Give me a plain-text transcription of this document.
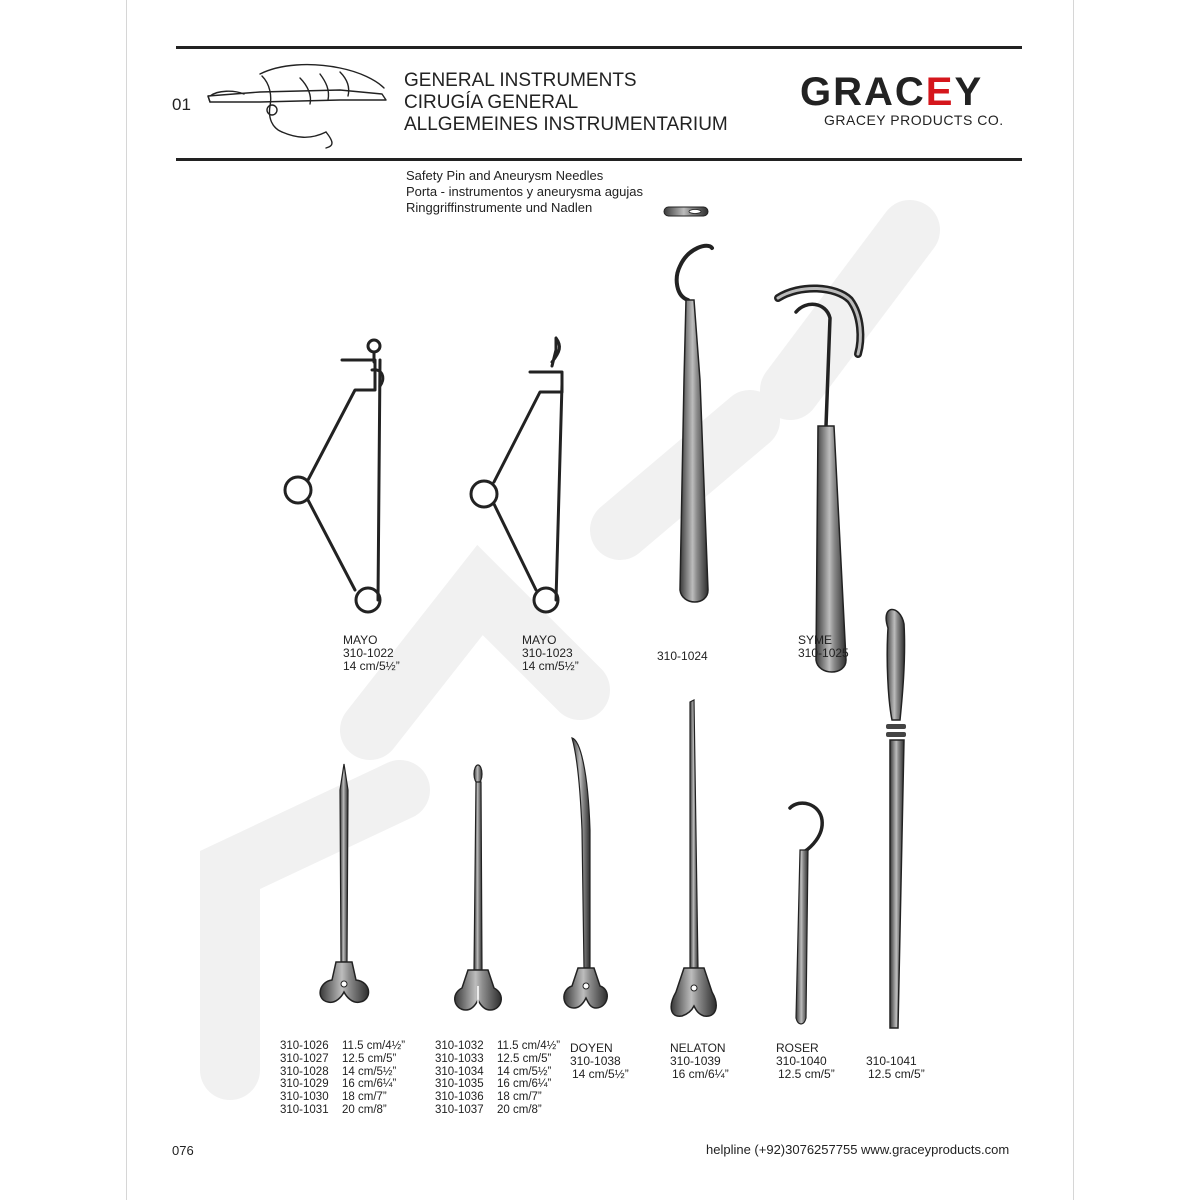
01
GENERAL INSTRUMENTS
CIRUGÍA GENERAL
ALLGEMEINES INSTRUMENTARIUM
GRACEY
GRACEY PRODUCTS CO.
Safety Pin and Aneurysm Needles
Porta - instrumentos y aneurysma agujas
Ringgriffinstrumente und Nadlen
MAYO
310-1022
14 cm/5½”
MAYO
310-1023
14 cm/5½”
310-1024
SYME
310-1025
310-1026	11.5 cm/4½”
310-1027	12.5 cm/5”
310-1028	14 cm/5½”
310-1029	16 cm/6¼”
310-1030	18 cm/7”
310-1031	20 cm/8”
310-1032	11.5 cm/4½”
310-1033	12.5 cm/5”
310-1034	14 cm/5½”
310-1035	16 cm/6¼”
310-1036	18 cm/7”
310-1037	20 cm/8”
DOYEN
310-1038
14 cm/5½”
NELATON
310-1039
16 cm/6¼”
ROSER
310-1040
12.5 cm/5”
310-1041
12.5 cm/5”
076	helpline (+92)3076257755 www.graceyproducts.com
